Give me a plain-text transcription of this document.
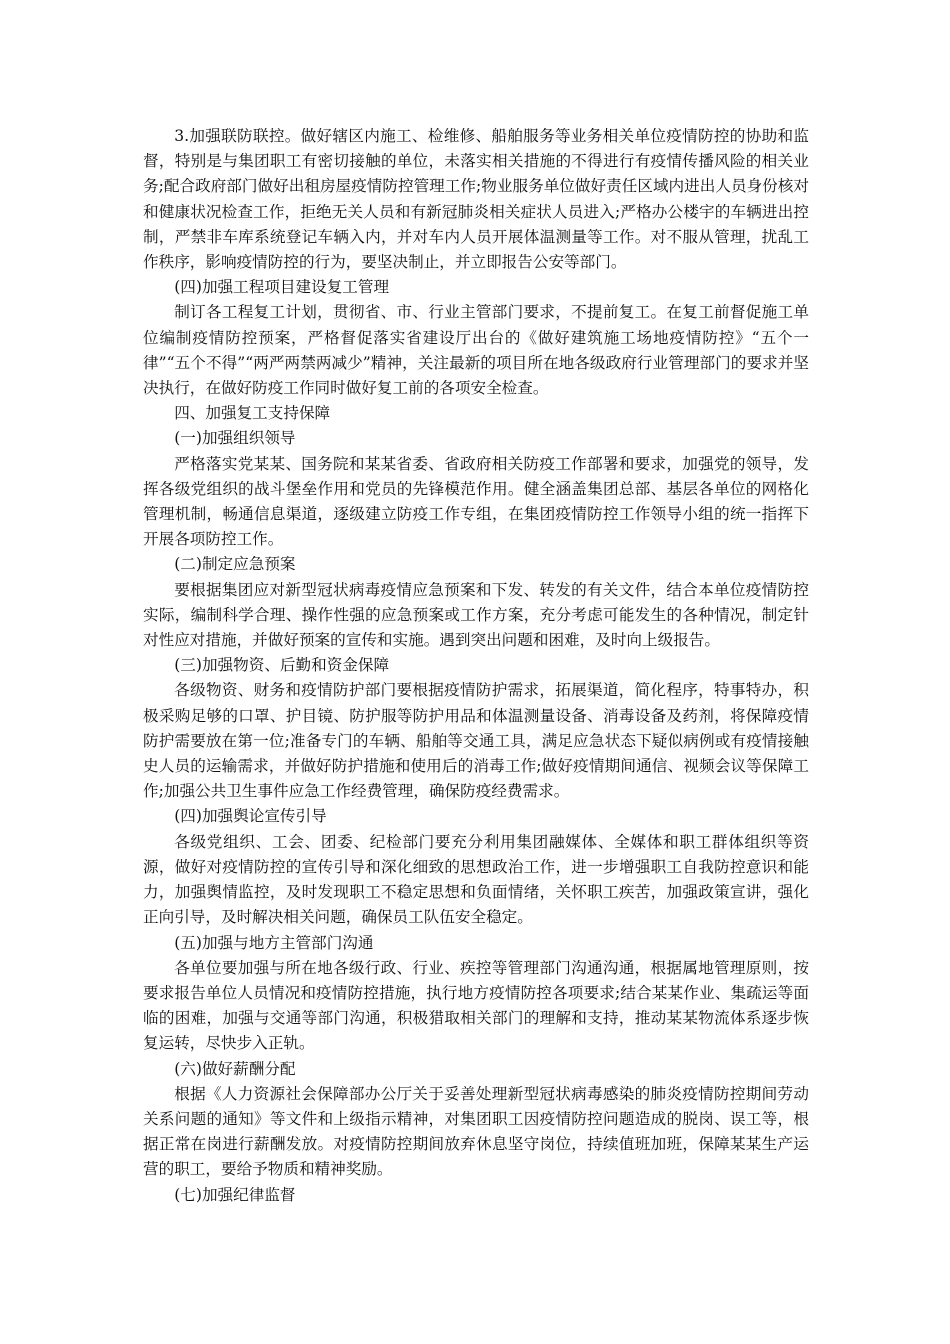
3.加强联防联控。做好辖区内施工、检维修、船舶服务等业务相关单位疫情防控的协助和监督，特别是与集团职工有密切接触的单位，未落实相关措施的不得进行有疫情传播风险的相关业务;配合政府部门做好出租房屋疫情防控管理工作;物业服务单位做好责任区域内进出人员身份核对和健康状况检查工作，拒绝无关人员和有新冠肺炎相关症状人员进入;严格办公楼宇的车辆进出控制，严禁非车库系统登记车辆入内，并对车内人员开展体温测量等工作。对不服从管理，扰乱工作秩序，影响疫情防控的行为，要坚决制止，并立即报告公安等部门。

(四)加强工程项目建设复工管理

制订各工程复工计划，贯彻省、市、行业主管部门要求，不提前复工。在复工前督促施工单位编制疫情防控预案，严格督促落实省建设厅出台的《做好建筑施工场地疫情防控》“五个一律”“五个不得”“两严两禁两减少”精神，关注最新的项目所在地各级政府行业管理部门的要求并坚决执行，在做好防疫工作同时做好复工前的各项安全检查。

四、加强复工支持保障

(一)加强组织领导

严格落实党某某、国务院和某某省委、省政府相关防疫工作部署和要求，加强党的领导，发挥各级党组织的战斗堡垒作用和党员的先锋模范作用。健全涵盖集团总部、基层各单位的网格化管理机制，畅通信息渠道，逐级建立防疫工作专组，在集团疫情防控工作领导小组的统一指挥下开展各项防控工作。

(二)制定应急预案

要根据集团应对新型冠状病毒疫情应急预案和下发、转发的有关文件，结合本单位疫情防控实际，编制科学合理、操作性强的应急预案或工作方案，充分考虑可能发生的各种情况，制定针对性应对措施，并做好预案的宣传和实施。遇到突出问题和困难，及时向上级报告。

(三)加强物资、后勤和资金保障

各级物资、财务和疫情防护部门要根据疫情防护需求，拓展渠道，简化程序，特事特办，积极采购足够的口罩、护目镜、防护服等防护用品和体温测量设备、消毒设备及药剂，将保障疫情防护需要放在第一位;准备专门的车辆、船舶等交通工具，满足应急状态下疑似病例或有疫情接触史人员的运输需求，并做好防护措施和使用后的消毒工作;做好疫情期间通信、视频会议等保障工作;加强公共卫生事件应急工作经费管理，确保防疫经费需求。

(四)加强舆论宣传引导

各级党组织、工会、团委、纪检部门要充分利用集团融媒体、全媒体和职工群体组织等资源，做好对疫情防控的宣传引导和深化细致的思想政治工作，进一步增强职工自我防控意识和能力，加强舆情监控，及时发现职工不稳定思想和负面情绪，关怀职工疾苦，加强政策宣讲，强化正向引导，及时解决相关问题，确保员工队伍安全稳定。

(五)加强与地方主管部门沟通

各单位要加强与所在地各级行政、行业、疾控等管理部门沟通沟通，根据属地管理原则，按要求报告单位人员情况和疫情防控措施，执行地方疫情防控各项要求;结合某某作业、集疏运等面临的困难，加强与交通等部门沟通，积极猎取相关部门的理解和支持，推动某某物流体系逐步恢复运转，尽快步入正轨。

(六)做好薪酬分配

根据《人力资源社会保障部办公厅关于妥善处理新型冠状病毒感染的肺炎疫情防控期间劳动关系问题的通知》等文件和上级指示精神，对集团职工因疫情防控问题造成的脱岗、误工等，根据正常在岗进行薪酬发放。对疫情防控期间放弃休息坚守岗位，持续值班加班，保障某某生产运营的职工，要给予物质和精神奖励。

(七)加强纪律监督
